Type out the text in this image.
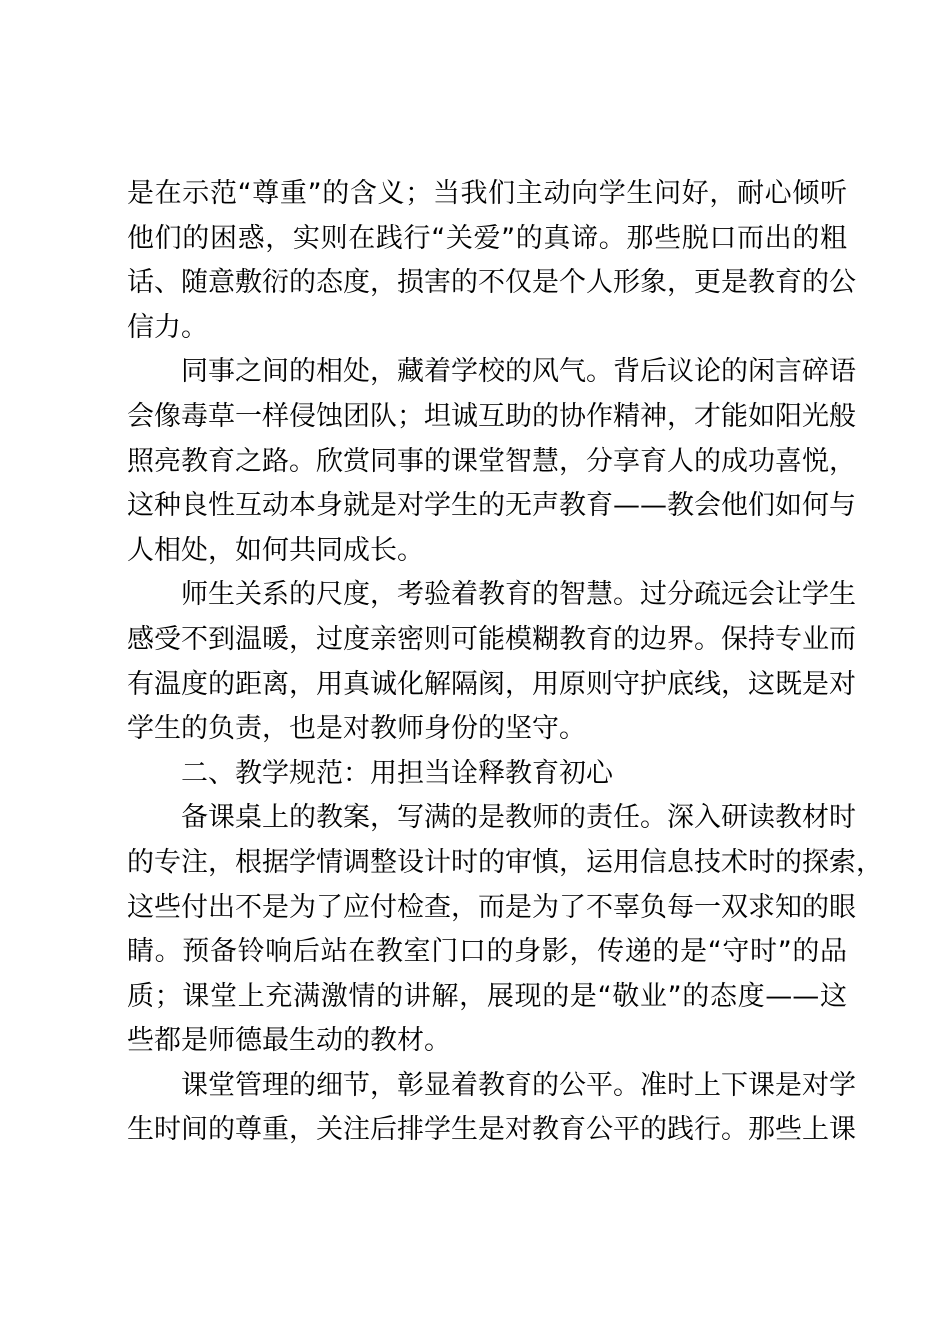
是在示范“尊重”的含义；当我们主动向学生问好，耐心倾听
他们的困惑，实则在践行“关爱”的真谛。那些脱口而出的粗
话、随意敷衍的态度，损害的不仅是个人形象，更是教育的公
信力。

同事之间的相处，藏着学校的风气。背后议论的闲言碎语
会像毒草一样侵蚀团队；坦诚互助的协作精神，才能如阳光般
照亮教育之路。欣赏同事的课堂智慧，分享育人的成功喜悦，
这种良性互动本身就是对学生的无声教育——教会他们如何与
人相处，如何共同成长。

师生关系的尺度，考验着教育的智慧。过分疏远会让学生
感受不到温暖，过度亲密则可能模糊教育的边界。保持专业而
有温度的距离，用真诚化解隔阂，用原则守护底线，这既是对
学生的负责，也是对教师身份的坚守。

二、教学规范：用担当诠释教育初心

备课桌上的教案，写满的是教师的责任。深入研读教材时
的专注，根据学情调整设计时的审慎，运用信息技术时的探索，
这些付出不是为了应付检查，而是为了不辜负每一双求知的眼
睛。预备铃响后站在教室门口的身影，传递的是“守时”的品
质；课堂上充满激情的讲解，展现的是“敬业”的态度——这
些都是师德最生动的教材。

课堂管理的细节，彰显着教育的公平。准时上下课是对学
生时间的尊重，关注后排学生是对教育公平的践行。那些上课
